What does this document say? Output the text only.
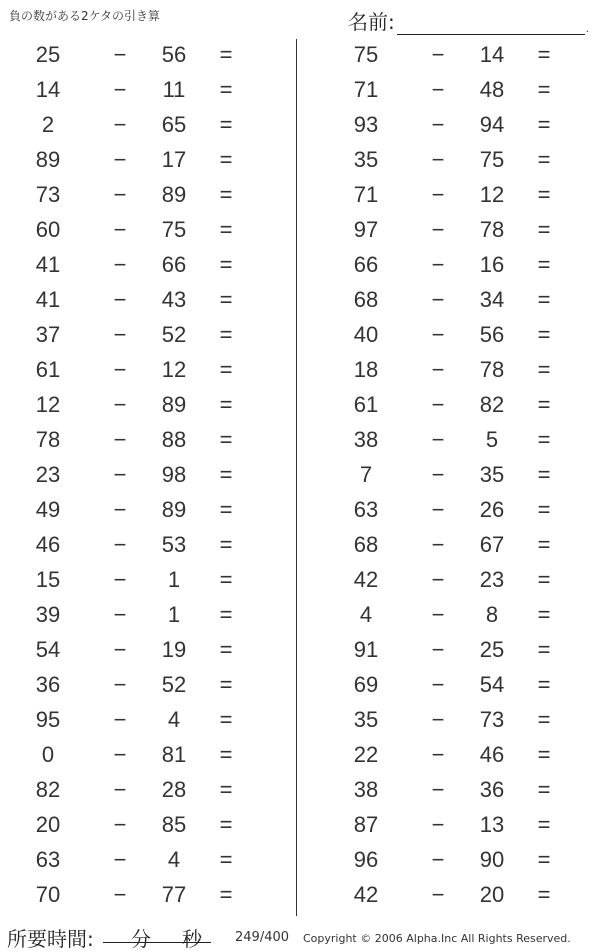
負の数がある2ケタの引き算	名前:	.
25	−	56	=
14	−	11	=
2	−	65	=
89	−	17	=
73	−	89	=
60	−	75	=
41	−	66	=
41	−	43	=
37	−	52	=
61	−	12	=
12	−	89	=
78	−	88	=
23	−	98	=
49	−	89	=
46	−	53	=
15	−	1	=
39	−	1	=
54	−	19	=
36	−	52	=
95	−	4	=
0	−	81	=
82	−	28	=
20	−	85	=
63	−	4	=
70	−	77	=
75	−	14	=
71	−	48	=
93	−	94	=
35	−	75	=
71	−	12	=
97	−	78	=
66	−	16	=
68	−	34	=
40	−	56	=
18	−	78	=
61	−	82	=
38	−	5	=
7	−	35	=
63	−	26	=
68	−	67	=
42	−	23	=
4	−	8	=
91	−	25	=
69	−	54	=
35	−	73	=
22	−	46	=
38	−	36	=
87	−	13	=
96	−	90	=
42	−	20	=
所要時間: 分 秒	249/400 Copyright © 2006 Alpha.Inc All Rights Reserved.
